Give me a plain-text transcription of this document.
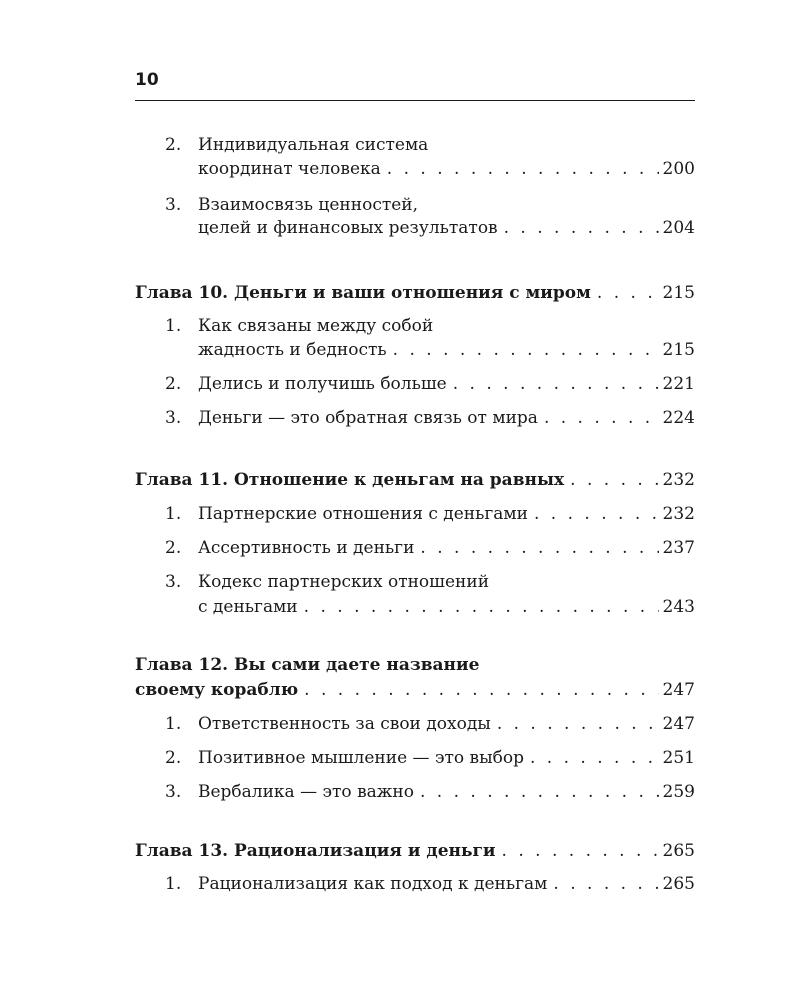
10
2. Индивидуальная система
координат человека . . .	200
3. Взаимосвязь ценностей,
целей и финансовых результатов . . .	204
Глава 10. Деньги и ваши отношения с миром . . .	215
1. Как связаны между собой
жадность и бедность . . .	215
2. Делись и получишь больше . . .	221
3. Деньги — это обратная связь от мира . . .	224
Глава 11. Отношение к деньгам на равных . . .	232
1. Партнерские отношения с деньгами . . .	232
2. Ассертивность и деньги . . .	237
3. Кодекс партнерских отношений
с деньгами . . .	243
Глава 12. Вы сами даете название
своему кораблю . . .	247
1. Ответственность за свои доходы . . .	247
2. Позитивное мышление — это выбор . . .	251
3. Вербалика — это важно . . .	259
Глава 13. Рационализация и деньги . . .	265
1. Рационализация как подход к деньгам . . .	265
